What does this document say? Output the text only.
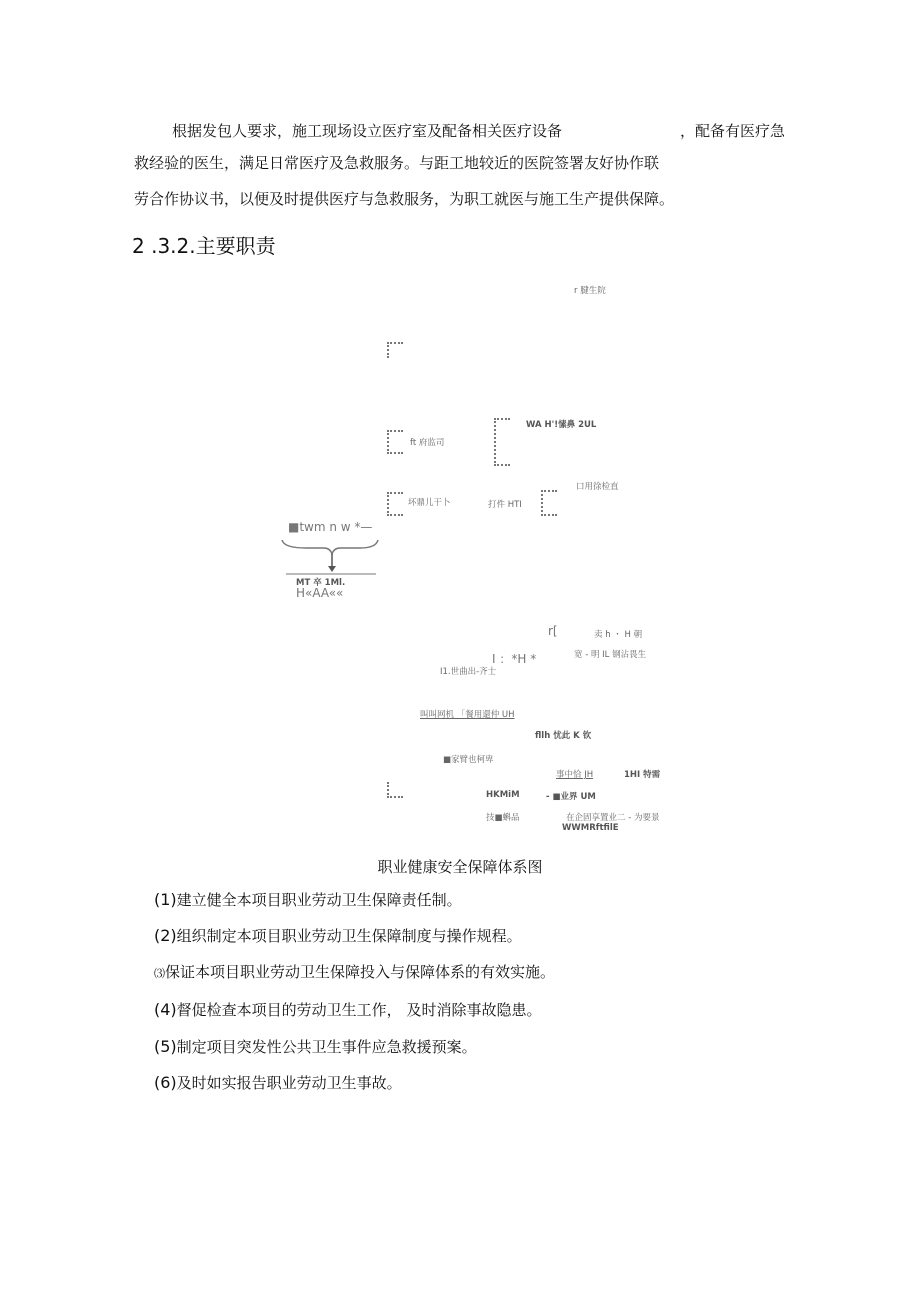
根据发包人要求，施工现场设立医疗室及配备相关医疗设备	，配备有医疗急
救经验的医生，满足日常医疗及急救服务。与距工地较近的医院签署友好协作联
劳合作协议书，以便及时提供医疗与急救服务，为职工就医与施工生产提供保障。
2 .3.2.主要职责
r 腱生院
WA H'!愫鼻 2UL
ft 府监司
口用徐检直
坏鼎儿干卜	打件 HTI
■twm n w *—
MT 卒 1Ml.
H«AA««
r[	卖 h ・ H 朝
I ：*H *	宽 - 明 IL 钢沾畏生
I1.世曲出-齐士
叫叫网机 「餐用還仲 UH
fllh 忧此 K 钦
■家臂也柯卑
事中恰 JH	1HI 特需
HKMiM	- ■业界 UM
技■蝌品	在企固享置业二 - 为要景
WWMRftfilE
职业健康安全保障体系图
(1)建立健全本项目职业劳动卫生保障责任制。
(2)组织制定本项目职业劳动卫生保障制度与操作规程。
⑶保证本项目职业劳动卫生保障投入与保障体系的有效实施。
(4)督促检查本项目的劳动卫生工作， 及时消除事故隐患。
(5)制定项目突发性公共卫生事件应急救援预案。
(6)及时如实报告职业劳动卫生事故。
